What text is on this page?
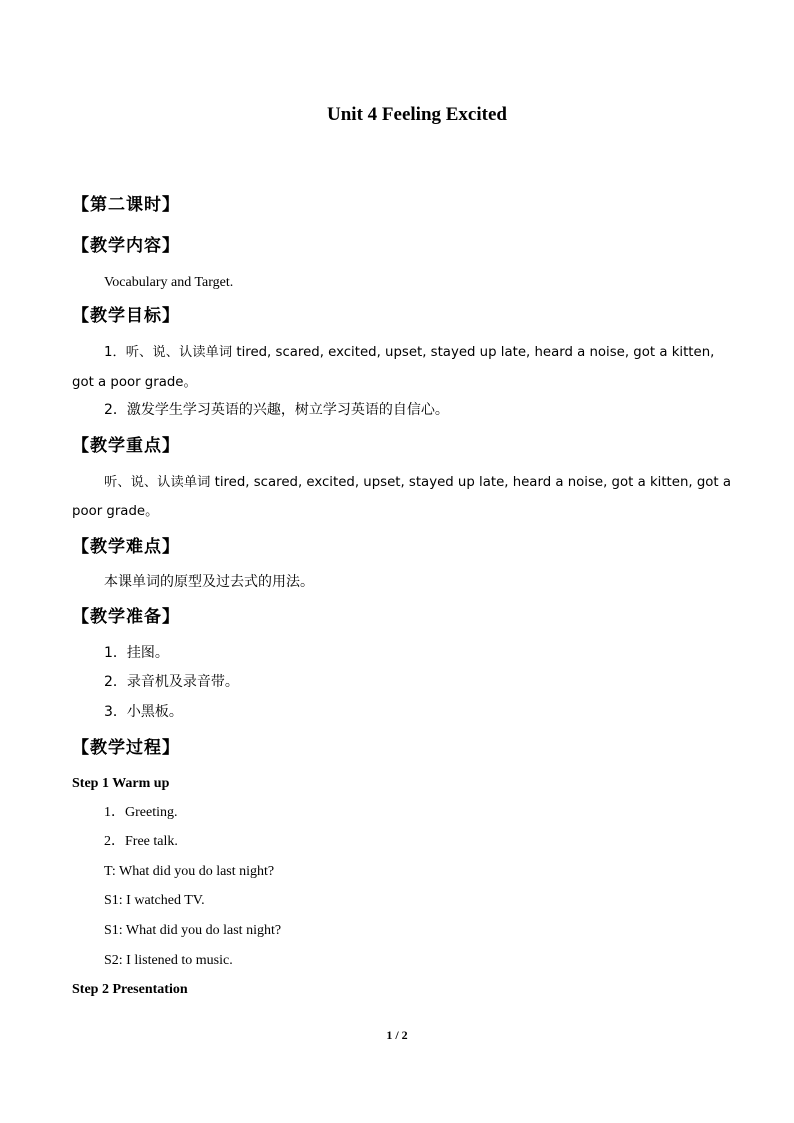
Unit 4 Feeling Excited
【第二课时】
【教学内容】
Vocabulary and Target.
【教学目标】
1．听、说、认读单词 tired, scared, excited, upset, stayed up late, heard a noise, got a kitten,
got a poor grade。
2．激发学生学习英语的兴趣，树立学习英语的自信心。
【教学重点】
听、说、认读单词 tired, scared, excited, upset, stayed up late, heard a noise, got a kitten, got a
poor grade。
【教学难点】
本课单词的原型及过去式的用法。
【教学准备】
1．挂图。
2．录音机及录音带。
3．小黑板。
【教学过程】
Step 1 Warm up
1．Greeting.
2．Free talk.
T: What did you do last night?
S1: I watched TV.
S1: What did you do last night?
S2: I listened to music.
Step 2 Presentation
1 / 2
